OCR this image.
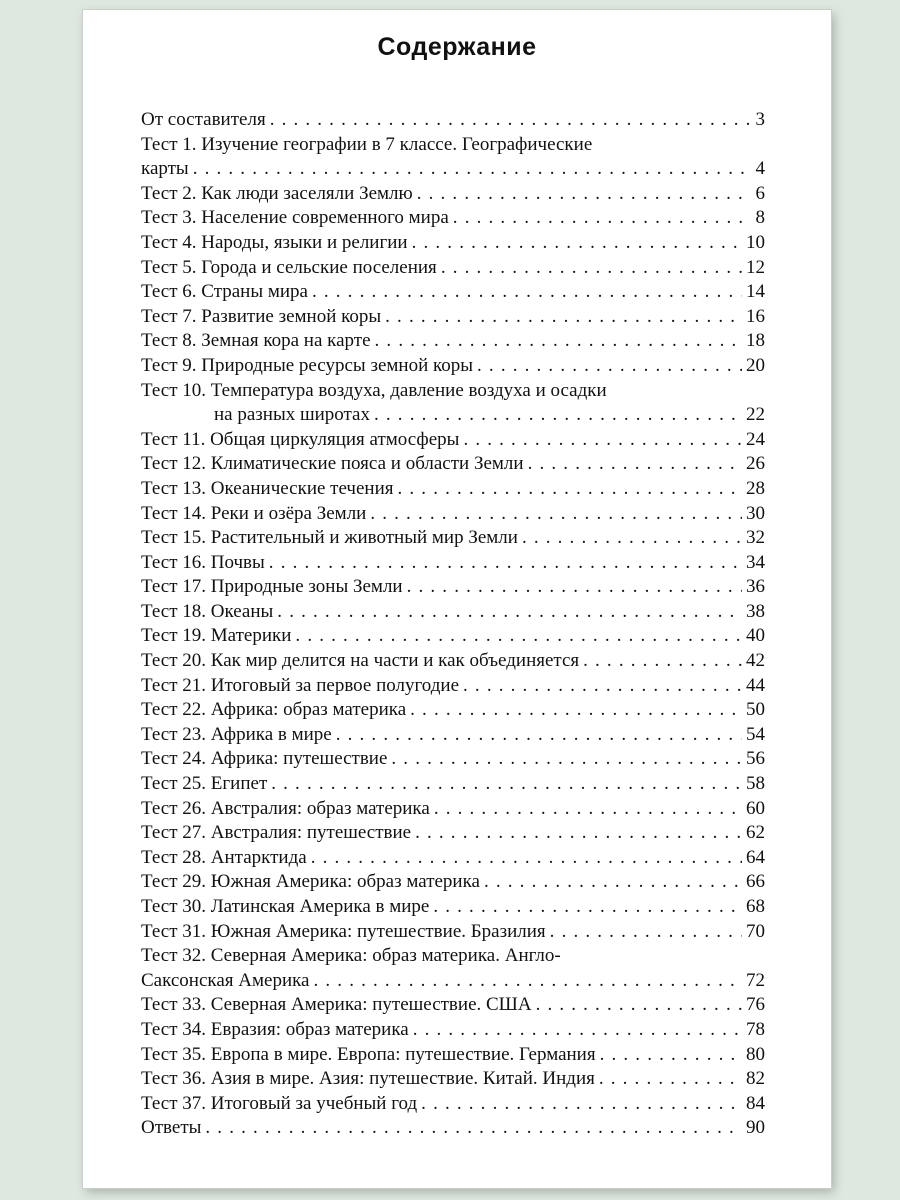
Содержание
От составителя . . .	3
Тест 1. Изучение географии в 7 классе. Географические
карты . . .	4
Тест 2. Как люди заселяли Землю . . .	6
Тест 3. Население современного мира . . .	8
Тест 4. Народы, языки и религии . . .	10
Тест 5. Города и сельские поселения . . .	12
Тест 6. Страны мира . . .	14
Тест 7. Развитие земной коры . . .	16
Тест 8. Земная кора на карте . . .	18
Тест 9. Природные ресурсы земной коры . . .	20
Тест 10. Температура воздуха, давление воздуха и осадки
на разных широтах . . .	22
Тест 11. Общая циркуляция атмосферы . . .	24
Тест 12. Климатические пояса и области Земли . . .	26
Тест 13. Океанические течения . . .	28
Тест 14. Реки и озёра Земли . . .	30
Тест 15. Растительный и животный мир Земли . . .	32
Тест 16. Почвы . . .	34
Тест 17. Природные зоны Земли . . .	36
Тест 18. Океаны . . .	38
Тест 19. Материки . . .	40
Тест 20. Как мир делится на части и как объединяется . . .	42
Тест 21. Итоговый за первое полугодие . . .	44
Тест 22. Африка: образ материка . . .	50
Тест 23. Африка в мире . . .	54
Тест 24. Африка: путешествие . . .	56
Тест 25. Египет . . .	58
Тест 26. Австралия: образ материка . . .	60
Тест 27. Австралия: путешествие . . .	62
Тест 28. Антарктида . . .	64
Тест 29. Южная Америка: образ материка . . .	66
Тест 30. Латинская Америка в мире . . .	68
Тест 31. Южная Америка: путешествие. Бразилия . . .	70
Тест 32. Северная Америка: образ материка. Англо-
Саксонская Америка . . .	72
Тест 33. Северная Америка: путешествие. США . . .	76
Тест 34. Евразия: образ материка . . .	78
Тест 35. Европа в мире. Европа: путешествие. Германия . . .	80
Тест 36. Азия в мире. Азия: путешествие. Китай. Индия . . .	82
Тест 37. Итоговый за учебный год . . .	84
Ответы . . .	90
